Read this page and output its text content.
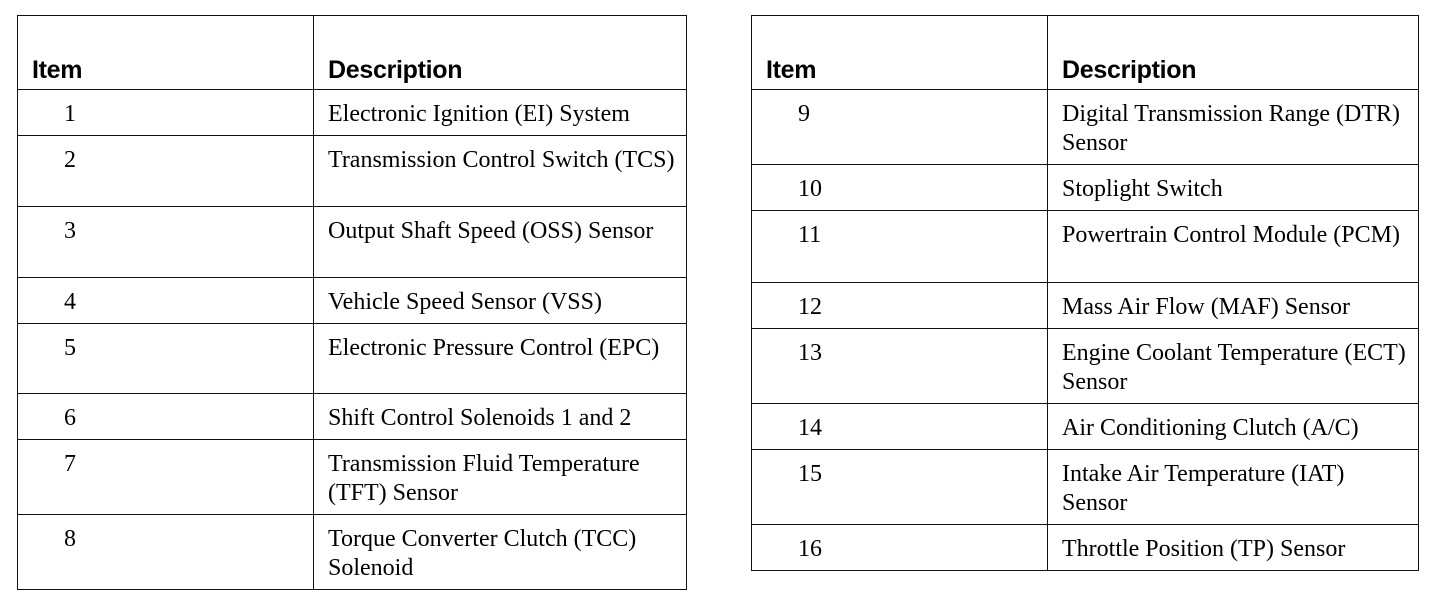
Item	Description
1	Electronic Ignition (EI) System
2	Transmission Control Switch (TCS)
3	Output Shaft Speed (OSS) Sensor
4	Vehicle Speed Sensor (VSS)
5	Electronic Pressure Control (EPC)
6	Shift Control Solenoids 1 and 2
7	Transmission Fluid Temperature (TFT) Sensor
8	Torque Converter Clutch (TCC) Solenoid
Item	Description
9	Digital Transmission Range (DTR) Sensor
10	Stoplight Switch
11	Powertrain Control Module (PCM)
12	Mass Air Flow (MAF) Sensor
13	Engine Coolant Temperature (ECT) Sensor
14	Air Conditioning Clutch (A/C)
15	Intake Air Temperature (IAT) Sensor
16	Throttle Position (TP) Sensor
